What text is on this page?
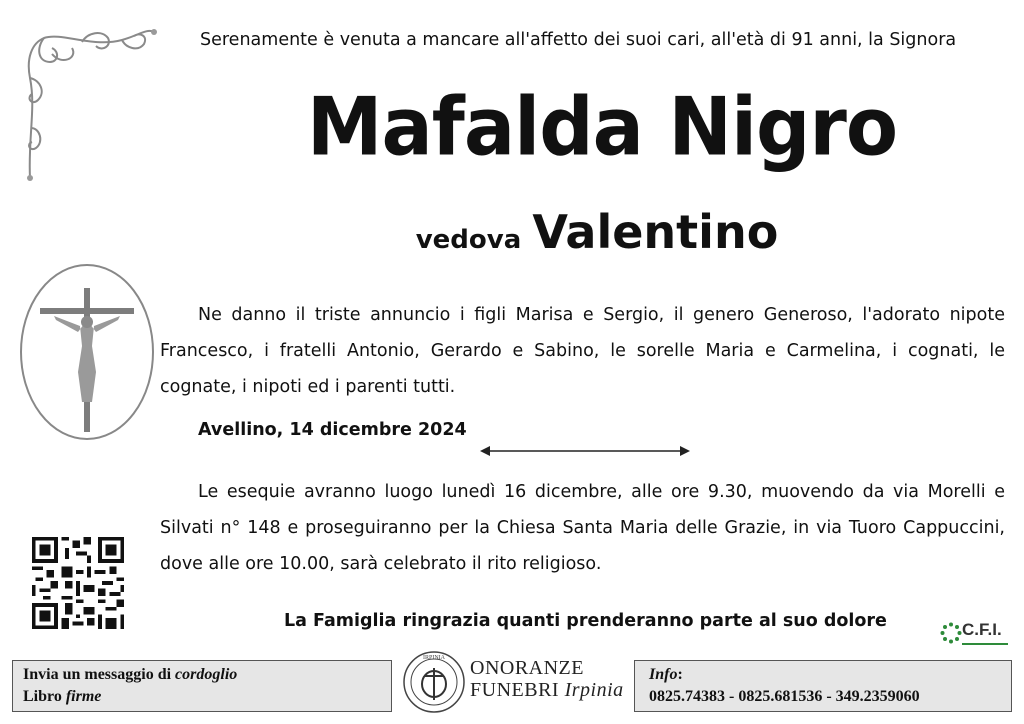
Serenamente è venuta a mancare all'affetto dei suoi cari, all'età di 91 anni, la Signora
Mafalda Nigro
vedova Valentino
Ne danno il triste annuncio i figli Marisa e Sergio, il genero Generoso, l'adorato nipote Francesco, i fratelli Antonio, Gerardo e Sabino, le sorelle Maria e Carmelina, i cognati, le cognate, i nipoti ed i parenti tutti.
Avellino, 14 dicembre 2024
Le esequie avranno luogo lunedì 16 dicembre, alle ore 9.30, muovendo da via Morelli e Silvati n° 148 e proseguiranno per la Chiesa Santa Maria delle Grazie, in via Tuoro Cappuccini, dove alle ore 10.00, sarà celebrato il rito religioso.
La Famiglia ringrazia quanti prenderanno parte al suo dolore	C.F.I.
Invia un messaggio di cordoglio
Libro firme
IRPINIA ONORANZE
FUNEBRI Irpinia
Info:
0825.74383 - 0825.681536 - 349.2359060
